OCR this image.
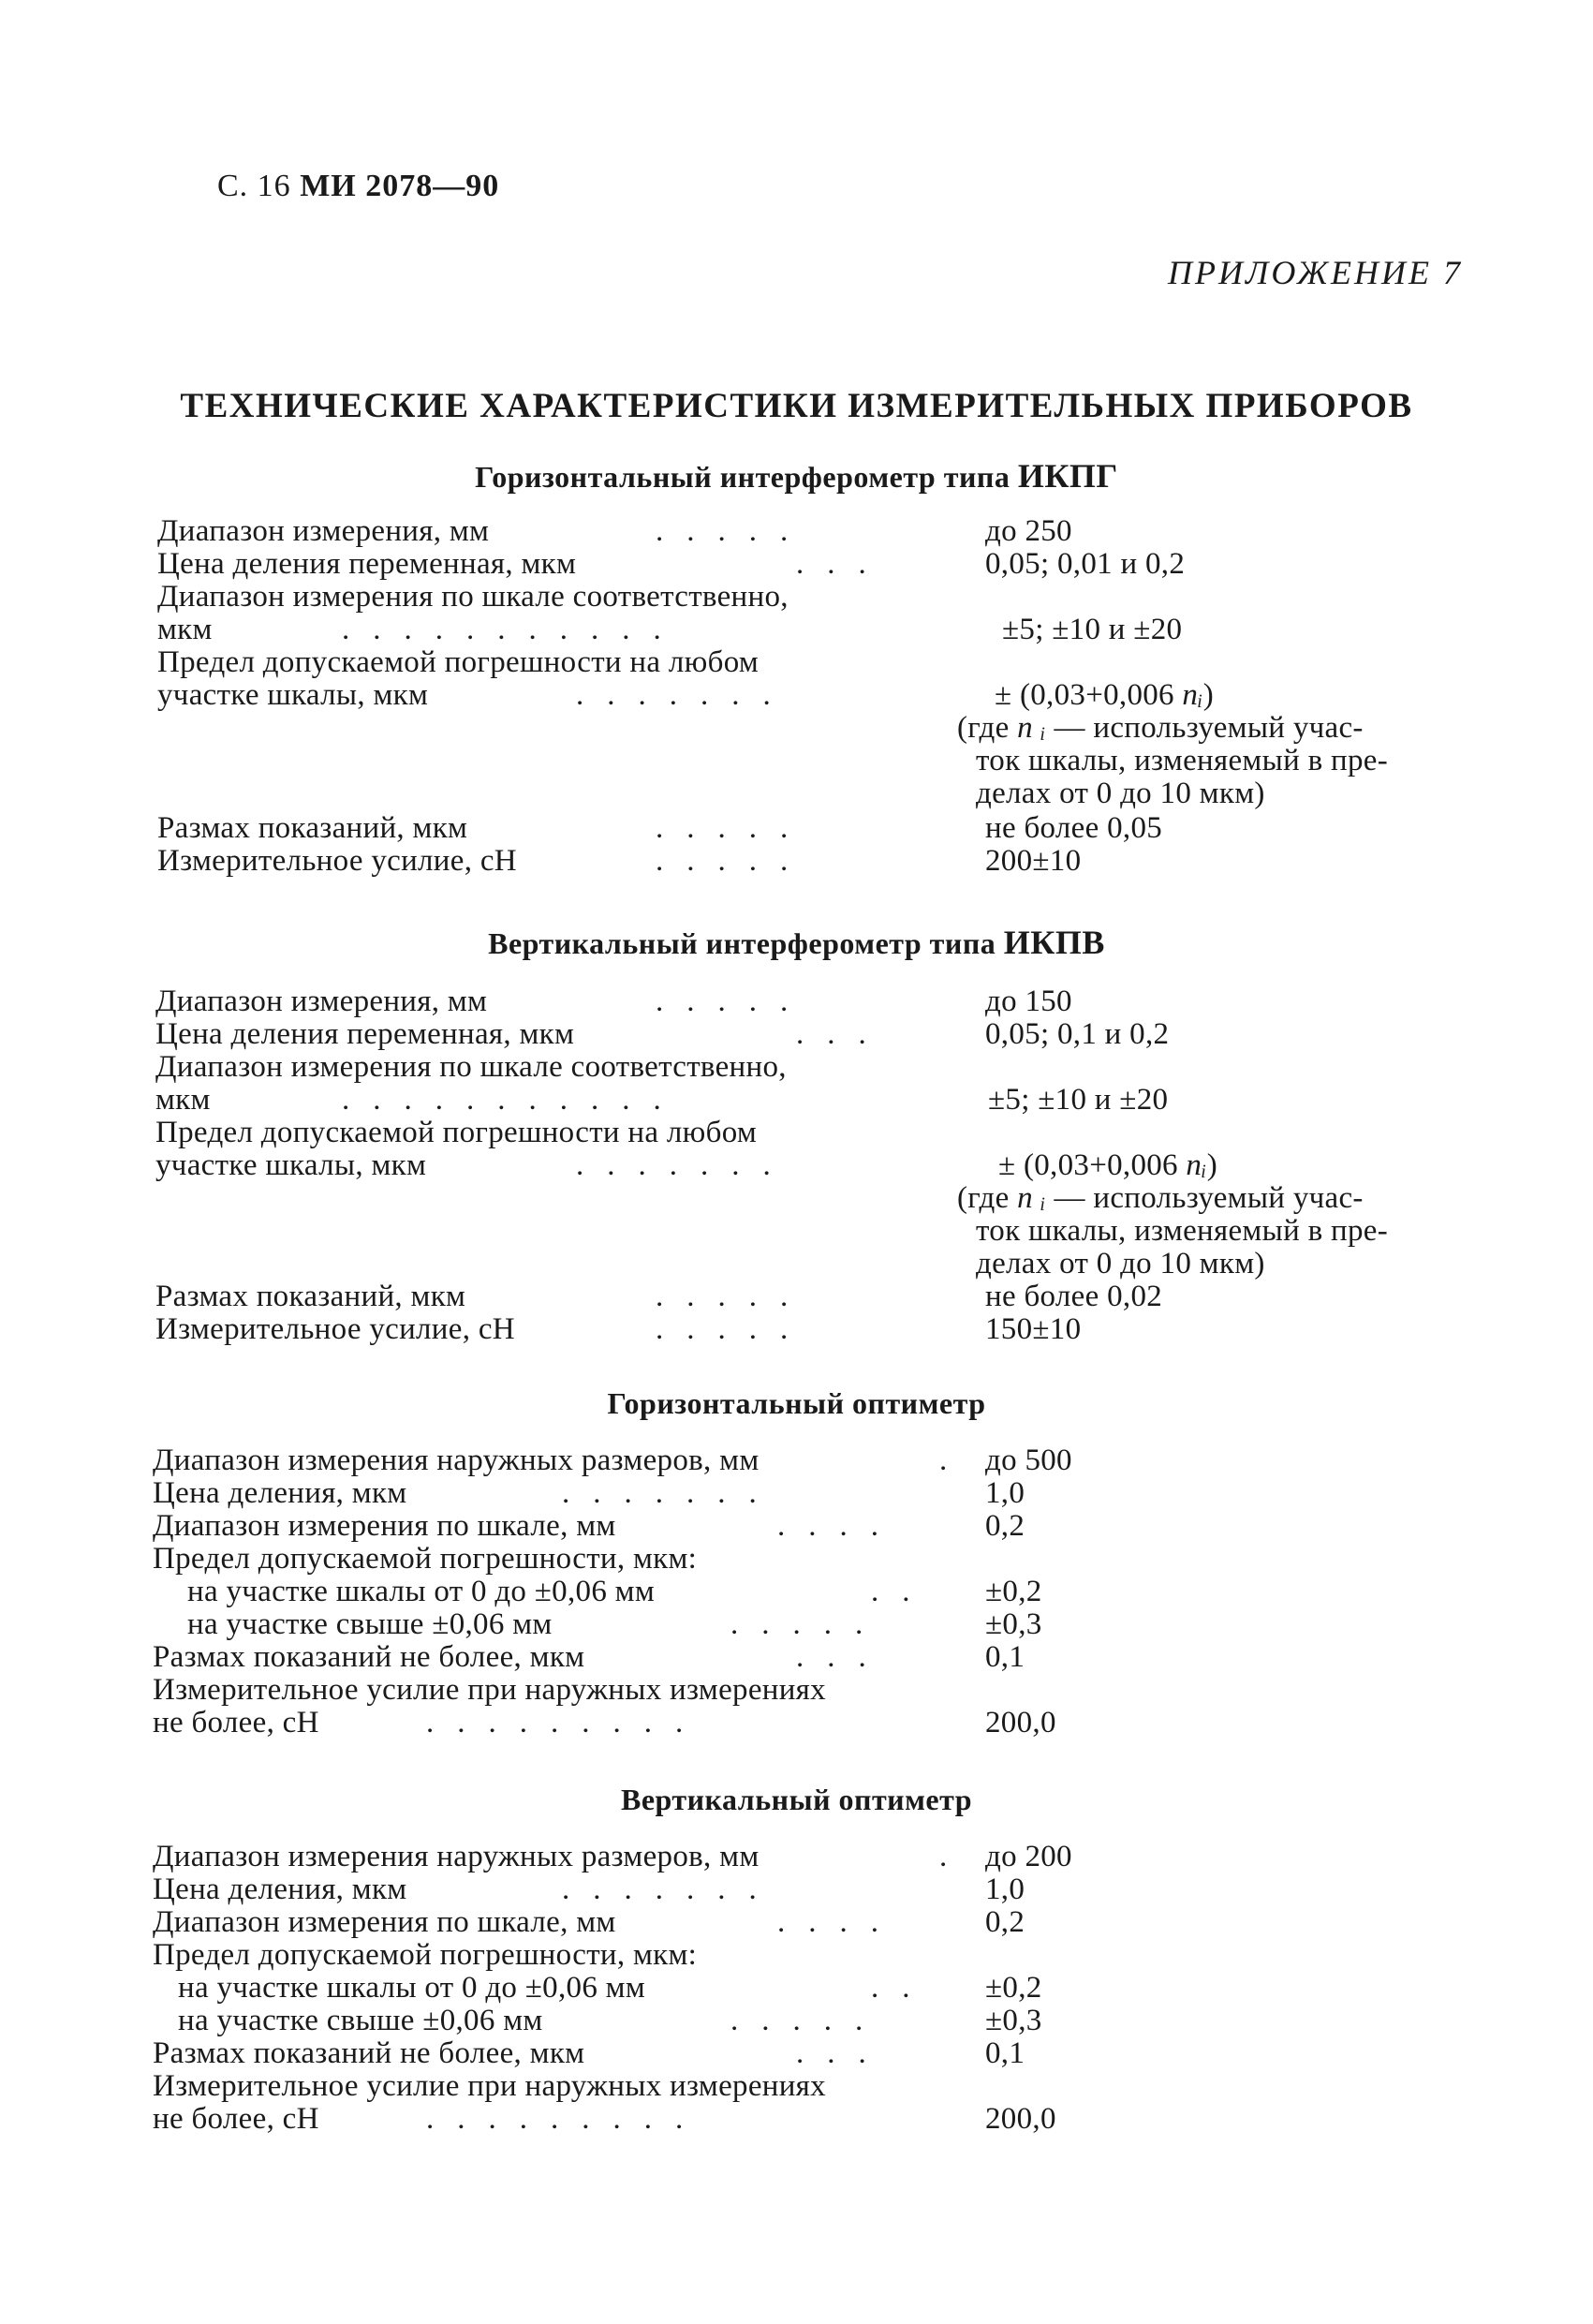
С. 16 МИ 2078—90
ПРИЛОЖЕНИЕ 7
ТЕХНИЧЕСКИЕ ХАРАКТЕРИСТИКИ ИЗМЕРИТЕЛЬНЫХ ПРИБОРОВ
Горизонтальный интерферометр типа ИКПГ
Диапазон измерения, мм	.....	до 250
Цена деления переменная, мкм	...	0,05; 0,01 и 0,2
Диапазон измерения по шкале соответственно,
мкм	...........	±5; ±10 и ±20
Предел допускаемой погрешности на любом
участке шкалы, мкм	.......	± (0,03+0,006 nᵢ)
(где n ᵢ — используемый учас-
ток шкалы, изменяемый в пре-
делах от 0 до 10 мкм)
Размах показаний, мкм	.....	не более 0,05
Измерительное усилие, сН	.....	200±10
Вертикальный интерферометр типа ИКПВ
Диапазон измерения, мм	.....	до 150
Цена деления переменная, мкм	...	0,05; 0,1 и 0,2
Диапазон измерения по шкале соответственно,
мкм	...........	±5; ±10 и ±20
Предел допускаемой погрешности на любом
участке шкалы, мкм	.......	± (0,03+0,006 nᵢ)
(где n ᵢ — используемый учас-
ток шкалы, изменяемый в пре-
делах от 0 до 10 мкм)
Размах показаний, мкм	.....	не более 0,02
Измерительное усилие, сН	.....	150±10
Горизонтальный оптиметр
Диапазон измерения наружных размеров, мм	. до 500
Цена деления, мкм	.......	1,0
Диапазон измерения по шкале, мм	....	0,2
Предел допускаемой погрешности, мкм:
на участке шкалы от 0 до ±0,06 мм	.. ±0,2
на участке свыше ±0,06 мм	.....	±0,3
Размах показаний не более, мкм	...	0,1
Измерительное усилие при наружных измерениях
не более, сН	.........	200,0
Вертикальный оптиметр
Диапазон измерения наружных размеров, мм	. до 200
Цена деления, мкм	.......	1,0
Диапазон измерения по шкале, мм	....	0,2
Предел допускаемой погрешности, мкм:
на участке шкалы от 0 до ±0,06 мм	.. ±0,2
на участке свыше ±0,06 мм	.....	±0,3
Размах показаний не более, мкм	...	0,1
Измерительное усилие при наружных измерениях
не более, сН	.........	200,0
